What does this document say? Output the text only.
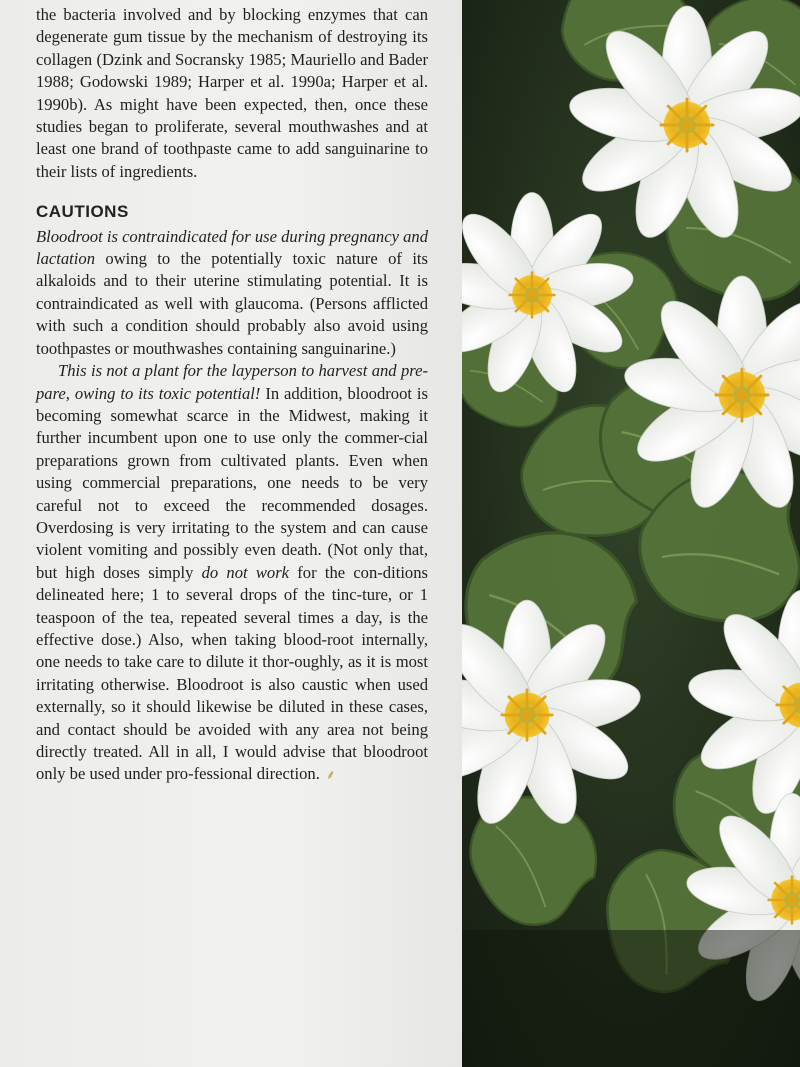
the bacteria involved and by blocking enzymes that can degenerate gum tissue by the mechanism of destroying its collagen (Dzink and Socransky 1985; Mauriello and Bader 1988; Godowski 1989; Harper et al. 1990a; Harper et al. 1990b). As might have been expected, then, once these studies began to proliferate, several mouthwashes and at least one brand of toothpaste came to add sanguinarine to their lists of ingredients.

CAUTIONS

Bloodroot is contraindicated for use during pregnancy and lactation owing to the potentially toxic nature of its alkaloids and to their uterine stimulating potential. It is contraindicated as well with glaucoma. (Persons afflicted with such a condition should probably also avoid using toothpastes or mouthwashes containing sanguinarine.)

This is not a plant for the layperson to harvest and pre-pare, owing to its toxic potential! In addition, bloodroot is becoming somewhat scarce in the Midwest, making it further incumbent upon one to use only the commer-cial preparations grown from cultivated plants. Even when using commercial preparations, one needs to be very careful not to exceed the recommended dosages. Overdosing is very irritating to the system and can cause violent vomiting and possibly even death. (Not only that, but high doses simply do not work for the con-ditions delineated here; 1 to several drops of the tinc-ture, or 1 teaspoon of the tea, repeated several times a day, is the effective dose.) Also, when taking blood-root internally, one needs to take care to dilute it thor-oughly, as it is most irritating otherwise. Bloodroot is also caustic when used externally, so it should likewise be diluted in these cases, and contact should be avoided with any area not being directly treated. All in all, I would advise that bloodroot only be used under pro-fessional direction. ⸙
